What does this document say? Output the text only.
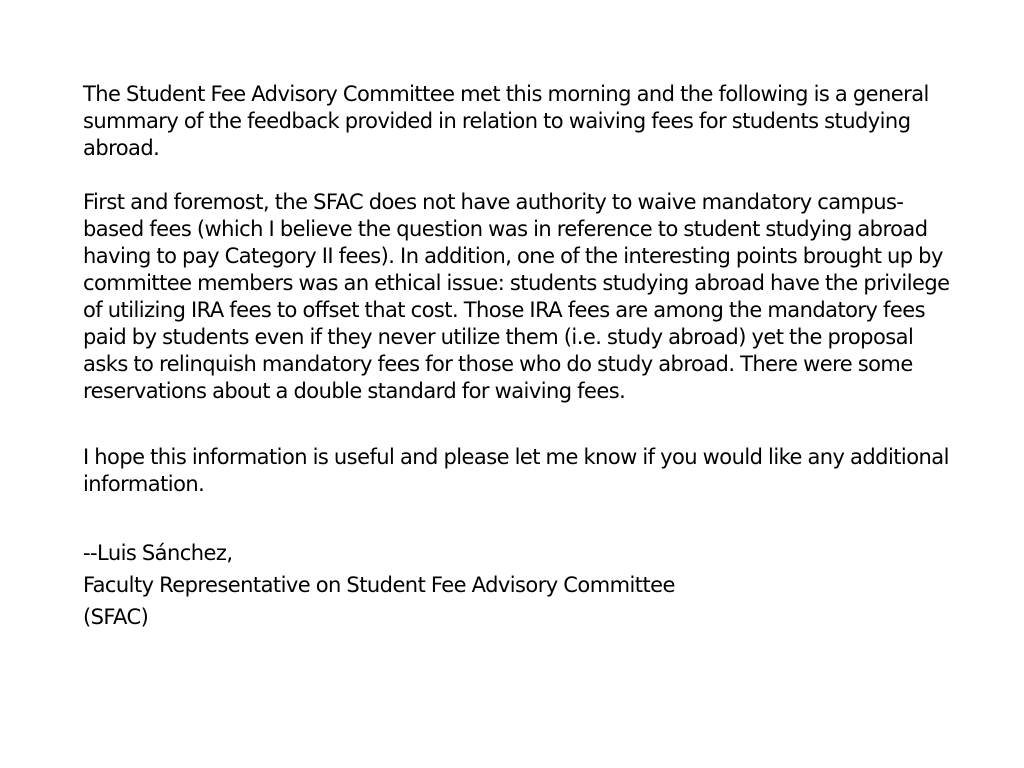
The Student Fee Advisory Committee met this morning and the following is a general summary of the feedback provided in relation to waiving fees for students studying abroad.

First and foremost, the SFAC does not have authority to waive mandatory campus-based fees (which I believe the question was in reference to student studying abroad having to pay Category II fees). In addition, one of the interesting points brought up by committee members was an ethical issue: students studying abroad have the privilege of utilizing IRA fees to offset that cost. Those IRA fees are among the mandatory fees paid by students even if they never utilize them (i.e. study abroad) yet the proposal asks to relinquish mandatory fees for those who do study abroad. There were some reservations about a double standard for waiving fees.

I hope this information is useful and please let me know if you would like any additional information.

--Luis Sánchez,

Faculty Representative on Student Fee Advisory Committee

(SFAC)
